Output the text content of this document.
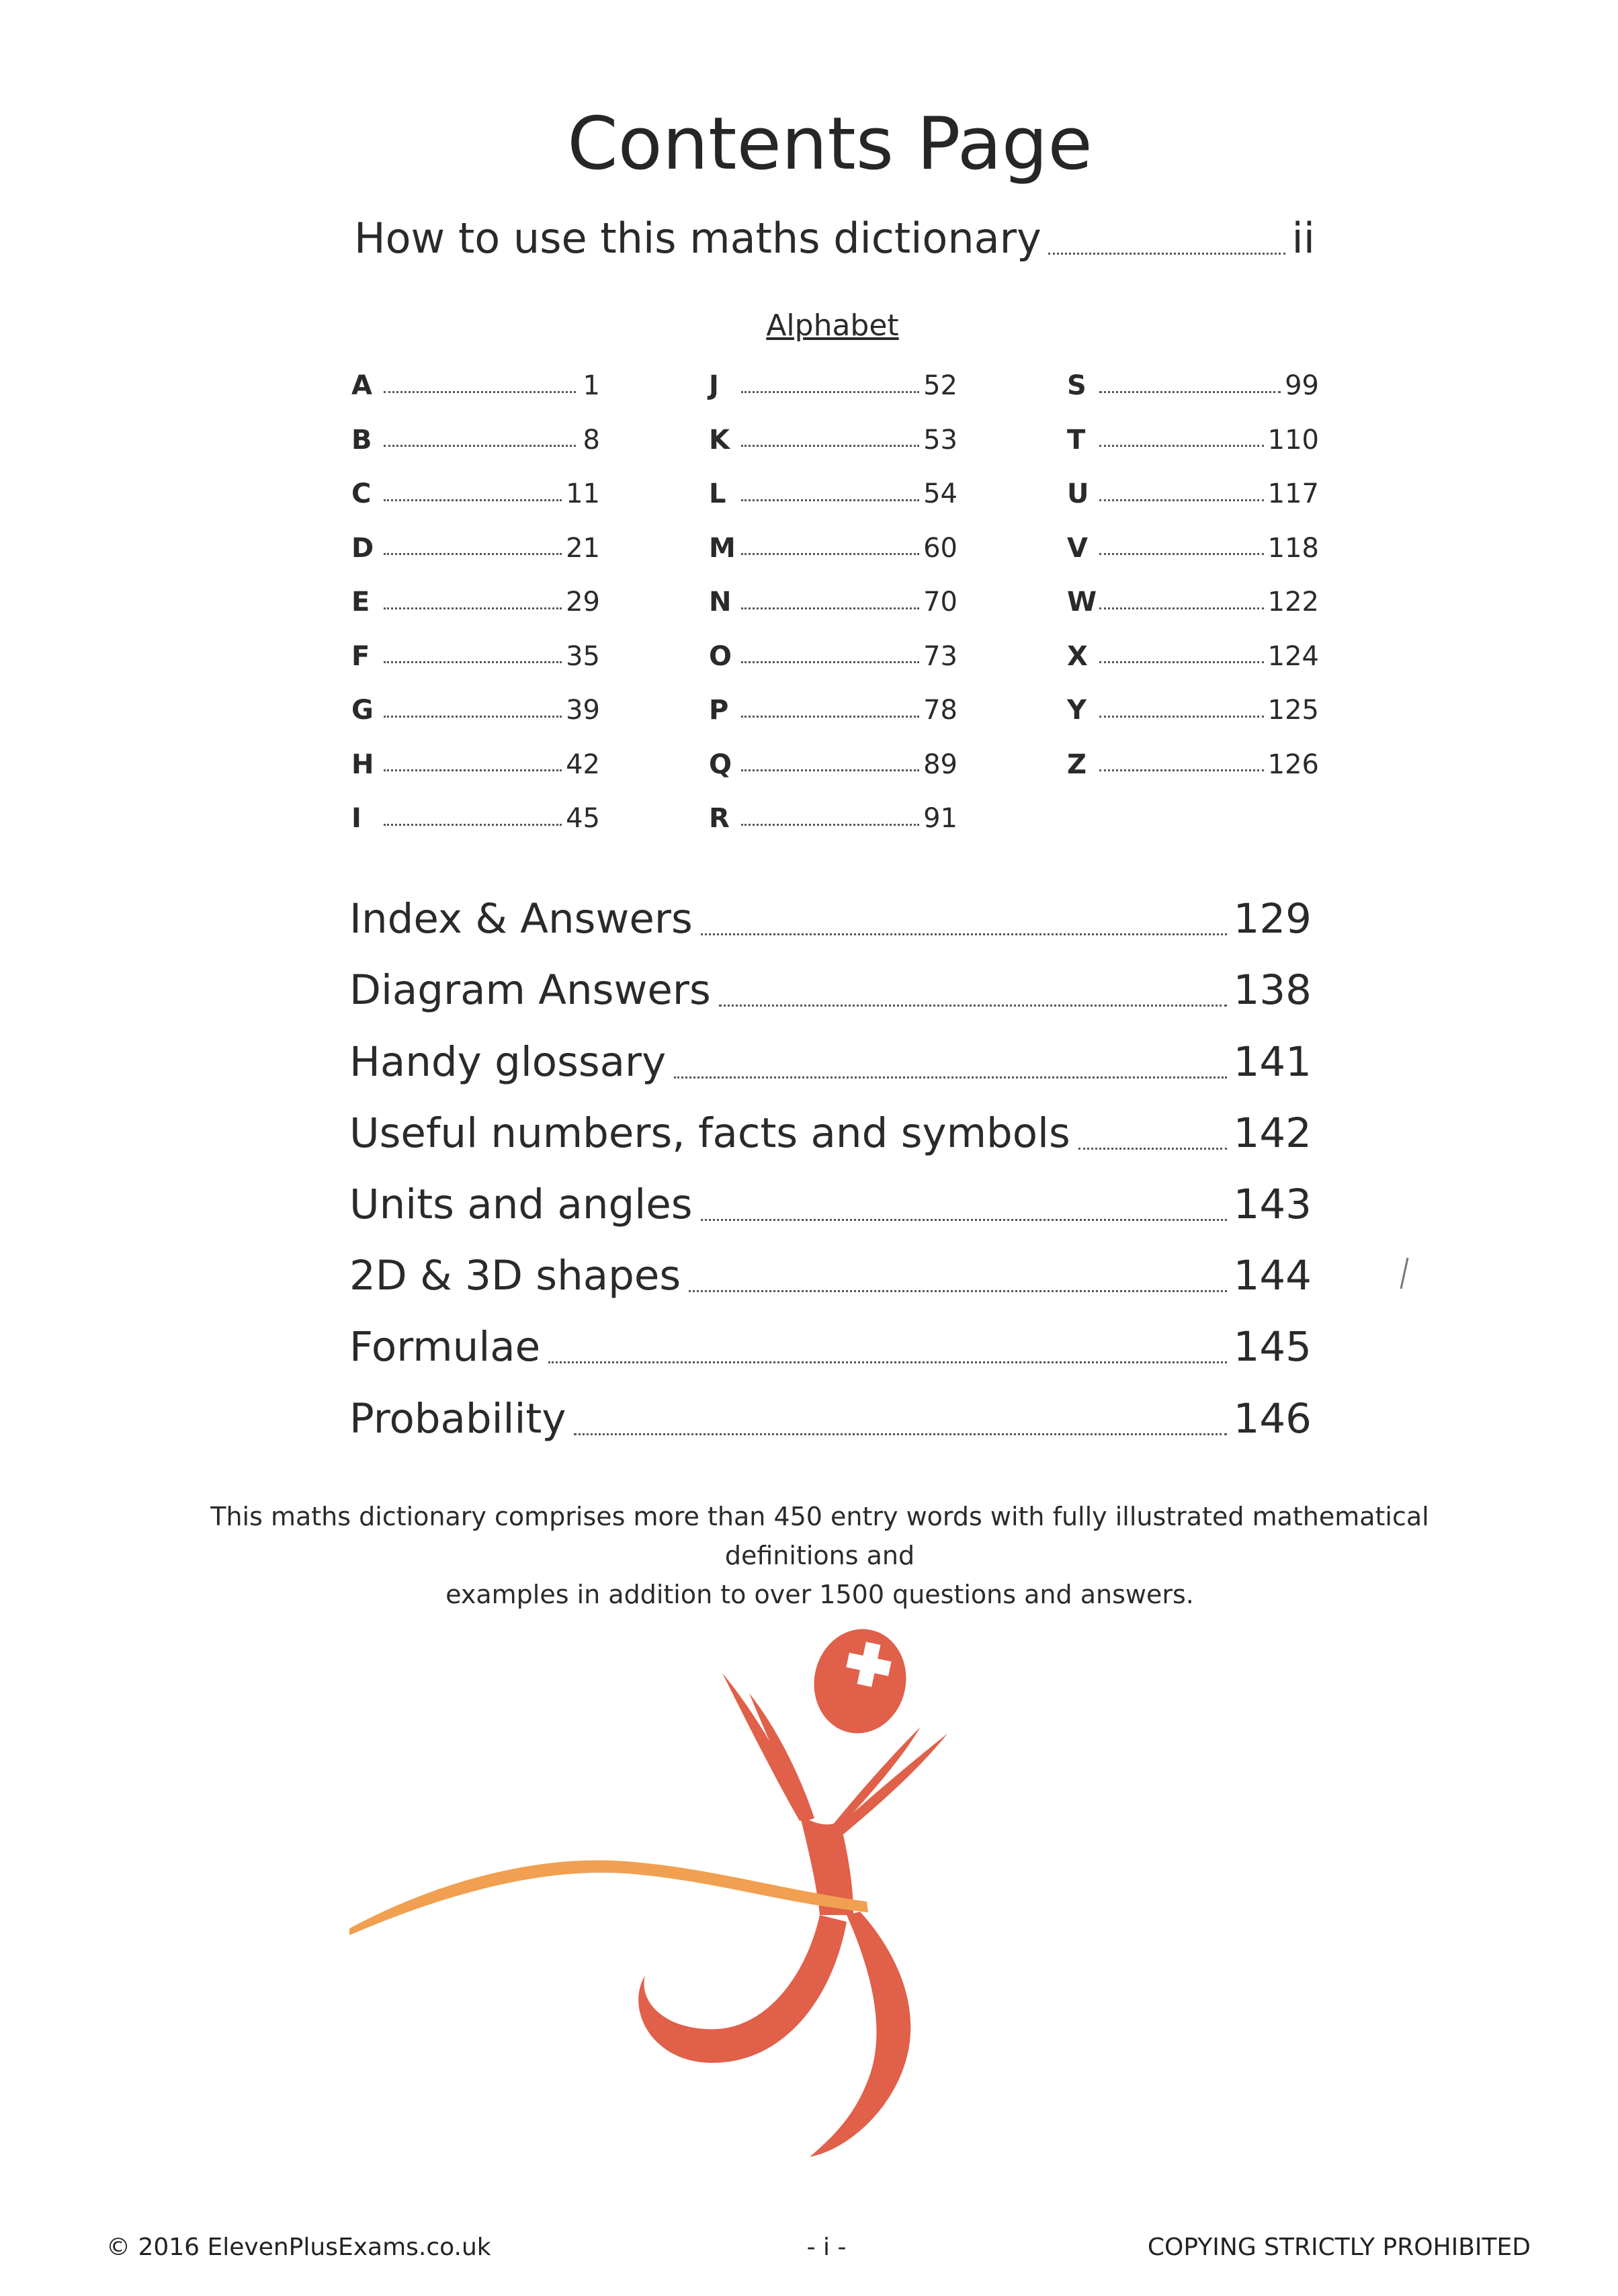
Contents Page
How to use this maths dictionary	ii
Alphabet
A	1
B	8
C	11
D	21
E	29
F	35
G	39
H	42
I	45
J	52
K	53
L	54
M	60
N	70
O	73
P	78
Q	89
R	91
S	99
T	110
U	117
V	118
W	122
X	124
Y	125
Z	126
Index & Answers	129
Diagram Answers	138
Handy glossary	141
Useful numbers, facts and symbols	142
Units and angles	143
2D & 3D shapes	144
Formulae	145
Probability	146
This maths dictionary comprises more than 450 entry words with fully illustrated mathematical definitions and
examples in addition to over 1500 questions and answers.
© 2016 ElevenPlusExams.co.uk	- i -	COPYING STRICTLY PROHIBITED
